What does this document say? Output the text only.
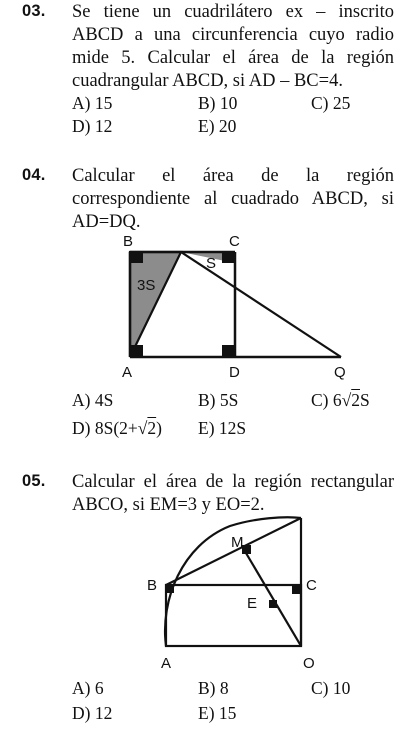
03. Se tiene un cuadrilátero ex – inscrito
ABCD a una circunferencia cuyo radio
mide 5. Calcular el área de la región
cuadrangular ABCD, si AD – BC=4.
A) 15	B) 10	C) 25
D) 12	E) 20
04. Calcular el área de la región
correspondiente al cuadrado ABCD, si
AD=DQ.
B	C
A	D	Q
3S
S
A) 4S	B) 5S	C) 6√2S
D) 8S(2+√2) E) 12S
05. Calcular el área de la región rectangular
ABCO, si EM=3 y EO=2.
B	C
A	O
M
E
A) 6	B) 8	C) 10
D) 12	E) 15
